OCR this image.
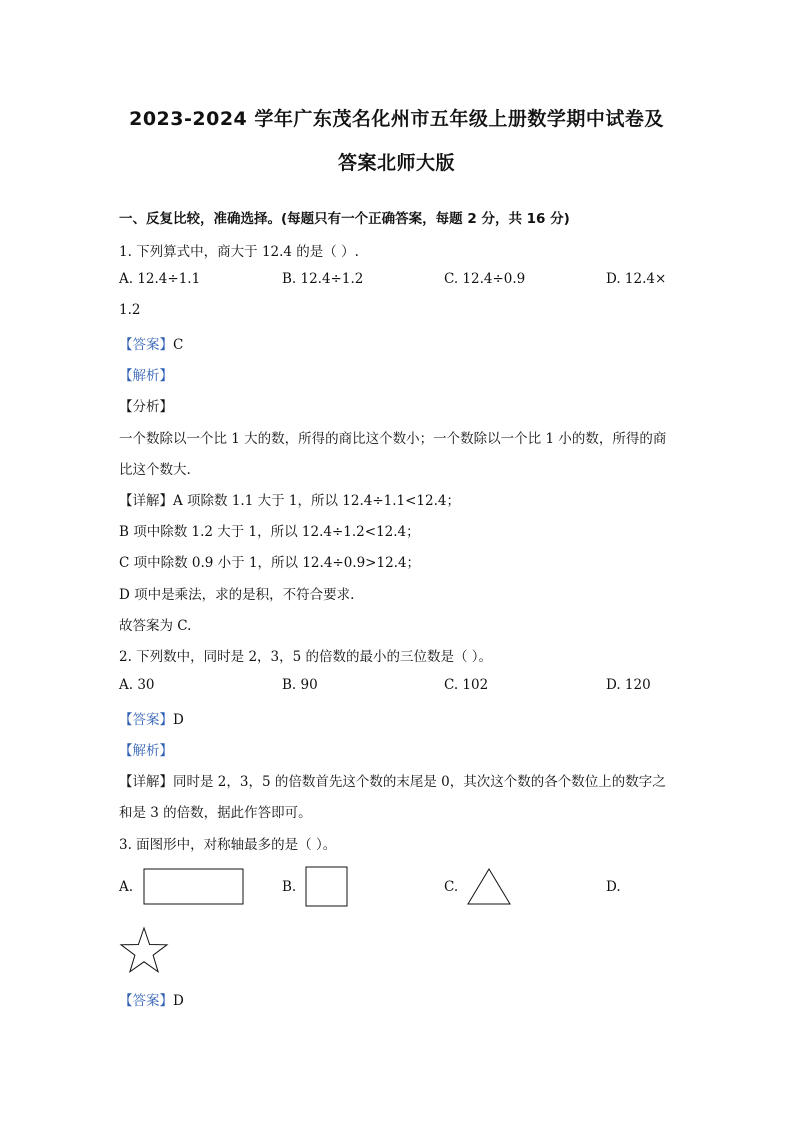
2023-2024 学年广东茂名化州市五年级上册数学期中试卷及
答案北师大版
一、反复比较，准确选择。(每题只有一个正确答案，每题 2 分，共 16 分)
1. 下列算式中，商大于 12.4 的是（ ）.
A. 12.4÷1.1	B. 12.4÷1.2	C. 12.4÷0.9	D. 12.4×
1.2
【答案】C
【解析】
【分析】
一个数除以一个比 1 大的数，所得的商比这个数小；一个数除以一个比 1 小的数，所得的商
比这个数大.
【详解】A 项除数 1.1 大于 1，所以 12.4÷1.1<12.4；
B 项中除数 1.2 大于 1，所以 12.4÷1.2<12.4；
C 项中除数 0.9 小于 1，所以 12.4÷0.9>12.4；
D 项中是乘法，求的是积，不符合要求.
故答案为 C.
2. 下列数中，同时是 2，3，5 的倍数的最小的三位数是（ ）。
A. 30	B. 90	C. 102	D. 120
【答案】D
【解析】
【详解】同时是 2，3，5 的倍数首先这个数的末尾是 0，其次这个数的各个数位上的数字之
和是 3 的倍数，据此作答即可。
3. 面图形中，对称轴最多的是（ ）。
A.	B.	C.	D.
【答案】D
